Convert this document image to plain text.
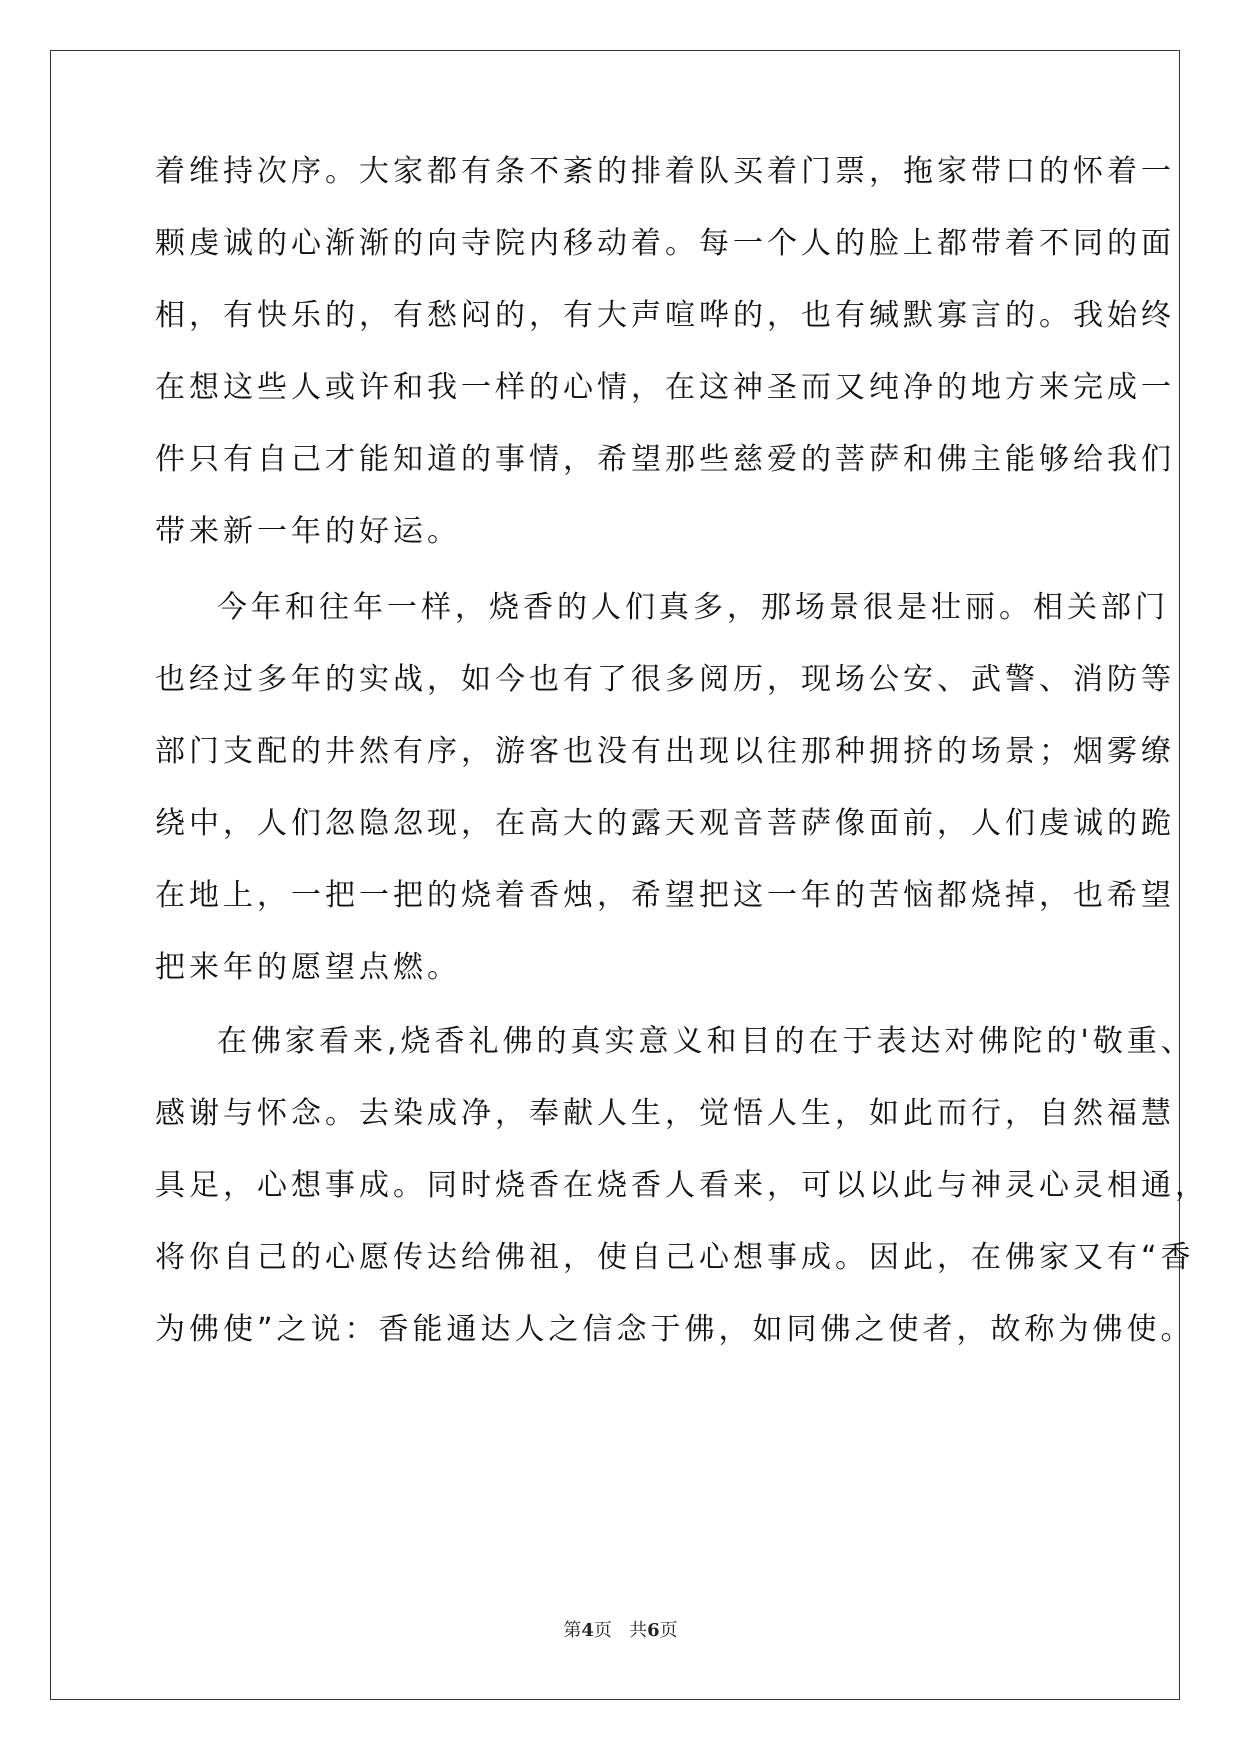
着维持次序。大家都有条不紊的排着队买着门票，拖家带口的怀着一
颗虔诚的心渐渐的向寺院内移动着。每一个人的脸上都带着不同的面
相，有快乐的，有愁闷的，有大声喧哗的，也有缄默寡言的。我始终
在想这些人或许和我一样的心情，在这神圣而又纯净的地方来完成一
件只有自己才能知道的事情，希望那些慈爱的菩萨和佛主能够给我们
带来新一年的好运。
今年和往年一样，烧香的人们真多，那场景很是壮丽。相关部门
也经过多年的实战，如今也有了很多阅历，现场公安、武警、消防等
部门支配的井然有序，游客也没有出现以往那种拥挤的场景；烟雾缭
绕中，人们忽隐忽现，在高大的露天观音菩萨像面前，人们虔诚的跪
在地上，一把一把的烧着香烛，希望把这一年的苦恼都烧掉，也希望
把来年的愿望点燃。
在佛家看来,烧香礼佛的真实意义和目的在于表达对佛陀的'敬重、
感谢与怀念。去染成净，奉献人生，觉悟人生，如此而行，自然福慧
具足，心想事成。同时烧香在烧香人看来，可以以此与神灵心灵相通，
将你自己的心愿传达给佛祖，使自己心想事成。因此，在佛家又有“香
为佛使”之说：香能通达人之信念于佛，如同佛之使者，故称为佛使。
第4页 共6页
